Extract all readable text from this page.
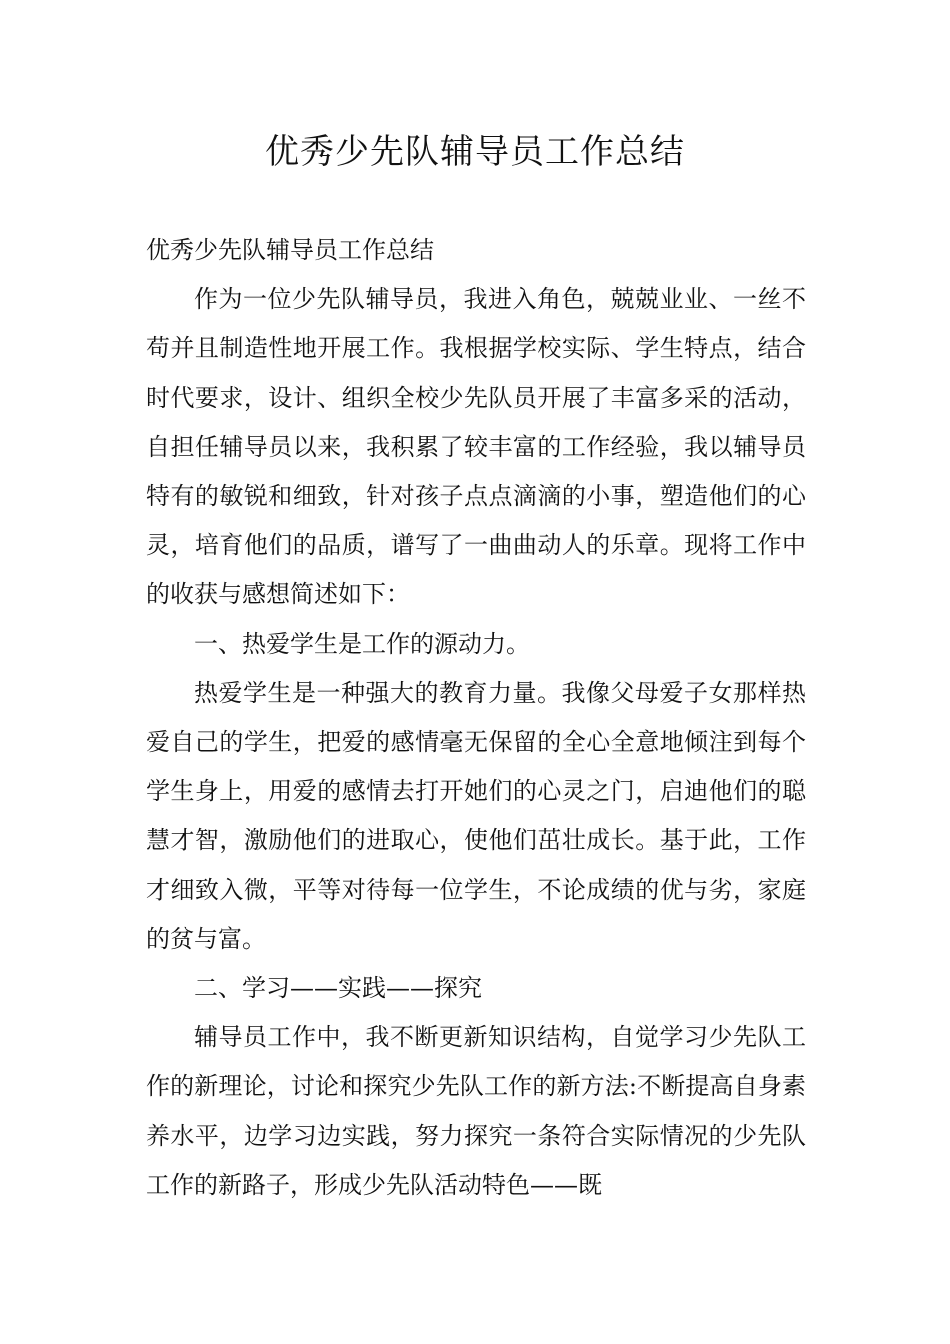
优秀少先队辅导员工作总结

优秀少先队辅导员工作总结

作为一位少先队辅导员，我进入角色，兢兢业业、一丝不苟并且制造性地开展工作。我根据学校实际、学生特点，结合时代要求，设计、组织全校少先队员开展了丰富多采的活动，自担任辅导员以来，我积累了较丰富的工作经验，我以辅导员特有的敏锐和细致，针对孩子点点滴滴的小事，塑造他们的心灵，培育他们的品质，谱写了一曲曲动人的乐章。现将工作中的收获与感想简述如下：

一、热爱学生是工作的源动力。

热爱学生是一种强大的教育力量。我像父母爱子女那样热爱自己的学生，把爱的感情毫无保留的全心全意地倾注到每个学生身上，用爱的感情去打开她们的心灵之门，启迪他们的聪慧才智，激励他们的进取心，使他们茁壮成长。基于此，工作才细致入微，平等对待每一位学生，不论成绩的优与劣，家庭的贫与富。

二、学习——实践——探究

辅导员工作中，我不断更新知识结构，自觉学习少先队工作的新理论，讨论和探究少先队工作的新方法:不断提高自身素养水平，边学习边实践，努力探究一条符合实际情况的少先队工作的新路子，形成少先队活动特色——既
